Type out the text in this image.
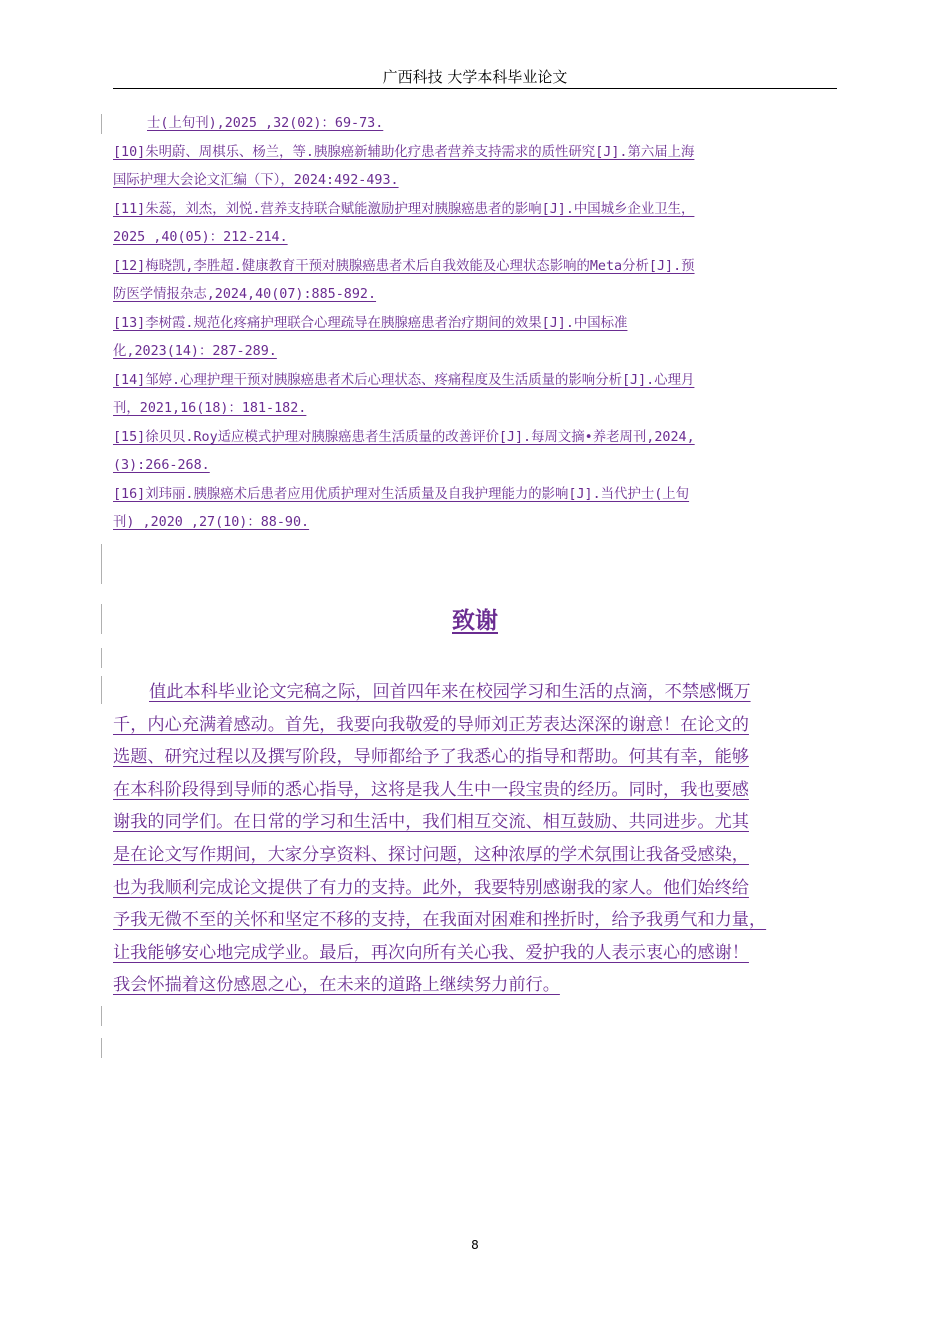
广西科技 大学本科毕业论文
士(上旬刊),2025 ,32(02)：69-73.
[10]朱明蔚、周棋乐、杨兰，等.胰腺癌新辅助化疗患者营养支持需求的质性研究[J].第六届上海
国际护理大会论文汇编（下），2024:492-493.
[11]朱蕊，刘杰，刘悦.营养支持联合赋能激励护理对胰腺癌患者的影响[J].中国城乡企业卫生，
2025 ,40(05)：212-214.
[12]梅晓凯,李胜超.健康教育干预对胰腺癌患者术后自我效能及心理状态影响的Meta分析[J].预
防医学情报杂志,2024,40(07):885-892.
[13]李树霞.规范化疼痛护理联合心理疏导在胰腺癌患者治疗期间的效果[J].中国标准
化,2023(14)：287-289.
[14]邹婷.心理护理干预对胰腺癌患者术后心理状态、疼痛程度及生活质量的影响分析[J].心理月
刊，2021,16(18)：181-182.
[15]徐贝贝.Roy适应模式护理对胰腺癌患者生活质量的改善评价[J].每周文摘•养老周刊,2024,
(3):266-268.
[16]刘玮丽.胰腺癌术后患者应用优质护理对生活质量及自我护理能力的影响[J].当代护士(上旬
刊) ,2020 ,27(10)：88-90.
致谢
值此本科毕业论文完稿之际，回首四年来在校园学习和生活的点滴，不禁感慨万
千，内心充满着感动。首先，我要向我敬爱的导师刘正芳表达深深的谢意！在论文的
选题、研究过程以及撰写阶段，导师都给予了我悉心的指导和帮助。何其有幸，能够
在本科阶段得到导师的悉心指导，这将是我人生中一段宝贵的经历。同时，我也要感
谢我的同学们。在日常的学习和生活中，我们相互交流、相互鼓励、共同进步。尤其
是在论文写作期间，大家分享资料、探讨问题，这种浓厚的学术氛围让我备受感染，
也为我顺利完成论文提供了有力的支持。此外，我要特别感谢我的家人。他们始终给
予我无微不至的关怀和坚定不移的支持，在我面对困难和挫折时，给予我勇气和力量，
让我能够安心地完成学业。最后，再次向所有关心我、爱护我的人表示衷心的感谢！
我会怀揣着这份感恩之心，在未来的道路上继续努力前行。
8
